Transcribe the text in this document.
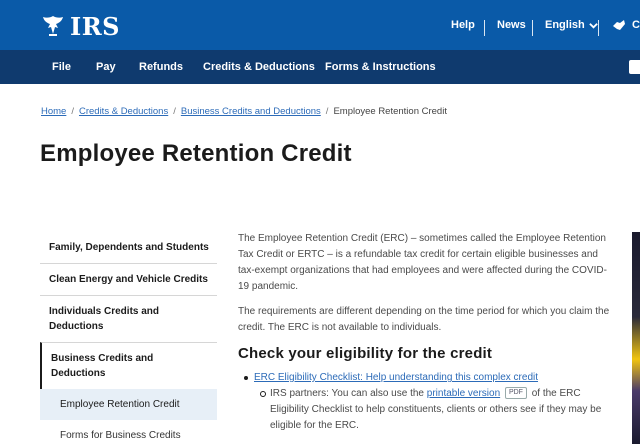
IRS	Help News English	C
File Pay Refunds Credits & Deductions Forms & Instructions
Home / Credits & Deductions / Business Credits and Deductions / Employee Retention Credit
Employee Retention Credit
Family, Dependents and Students
Clean Energy and Vehicle Credits
Individuals Credits and Deductions
Business Credits and Deductions
Employee Retention Credit
Forms for Business Credits

The Employee Retention Credit (ERC) – sometimes called the Employee Retention Tax Credit or ERTC – is a refundable tax credit for certain eligible businesses and tax-exempt organizations that had employees and were affected during the COVID-19 pandemic.

The requirements are different depending on the time period for which you claim the credit. The ERC is not available to individuals.

Check your eligibility for the credit
ERC Eligibility Checklist: Help understanding this complex credit
IRS partners: You can also use the printable version PDF of the ERC Eligibility Checklist to help constituents, clients or others see if they may be eligible for the ERC.
